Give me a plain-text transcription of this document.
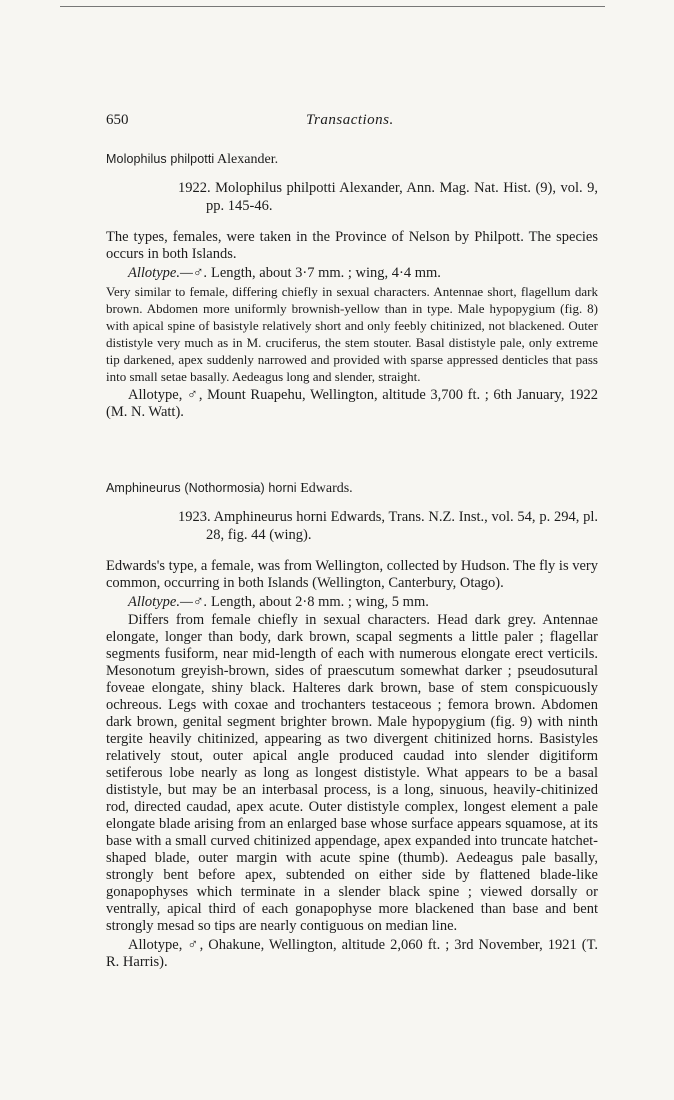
650	Transactions.
Molophilus philpotti Alexander.

1922. Molophilus philpotti Alexander, Ann. Mag. Nat. Hist. (9), vol. 9, pp. 145-46.

The types, females, were taken in the Province of Nelson by Philpott. The species occurs in both Islands.

Allotype.—♂. Length, about 3·7 mm. ; wing, 4·4 mm.

Very similar to female, differing chiefly in sexual characters. Antennae short, flagellum dark brown. Abdomen more uniformly brownish-yellow than in type. Male hypopygium (fig. 8) with apical spine of basistyle relatively short and only feebly chitinized, not blackened. Outer dististyle very much as in M. cruciferus, the stem stouter. Basal dististyle pale, only extreme tip darkened, apex suddenly narrowed and provided with sparse appressed denticles that pass into small setae basally. Aedeagus long and slender, straight.

Allotype, ♂, Mount Ruapehu, Wellington, altitude 3,700 ft. ; 6th January, 1922 (M. N. Watt).

Amphineurus (Nothormosia) horni Edwards.

1923. Amphineurus horni Edwards, Trans. N.Z. Inst., vol. 54, p. 294, pl. 28, fig. 44 (wing).

Edwards's type, a female, was from Wellington, collected by Hudson. The fly is very common, occurring in both Islands (Wellington, Canterbury, Otago).

Allotype.—♂. Length, about 2·8 mm. ; wing, 5 mm.

Differs from female chiefly in sexual characters. Head dark grey. Antennae elongate, longer than body, dark brown, scapal segments a little paler ; flagellar segments fusiform, near mid-length of each with numerous elongate erect verticils. Mesonotum greyish-brown, sides of praescutum somewhat darker ; pseudosutural foveae elongate, shiny black. Halteres dark brown, base of stem conspicuously ochreous. Legs with coxae and trochanters testaceous ; femora brown. Abdomen dark brown, genital segment brighter brown. Male hypopygium (fig. 9) with ninth tergite heavily chitinized, appearing as two divergent chitinized horns. Basistyles relatively stout, outer apical angle produced caudad into slender digitiform setiferous lobe nearly as long as longest dististyle. What appears to be a basal dististyle, but may be an interbasal process, is a long, sinuous, heavily-chitinized rod, directed caudad, apex acute. Outer dististyle complex, longest element a pale elongate blade arising from an enlarged base whose surface appears squamose, at its base with a small curved chitinized appendage, apex expanded into truncate hatchet-shaped blade, outer margin with acute spine (thumb). Aedeagus pale basally, strongly bent before apex, subtended on either side by flattened blade-like gonapophyses which terminate in a slender black spine ; viewed dorsally or ventrally, apical third of each gonapophyse more blackened than base and bent strongly mesad so tips are nearly contiguous on median line.

Allotype, ♂, Ohakune, Wellington, altitude 2,060 ft. ; 3rd November, 1921 (T. R. Harris).
